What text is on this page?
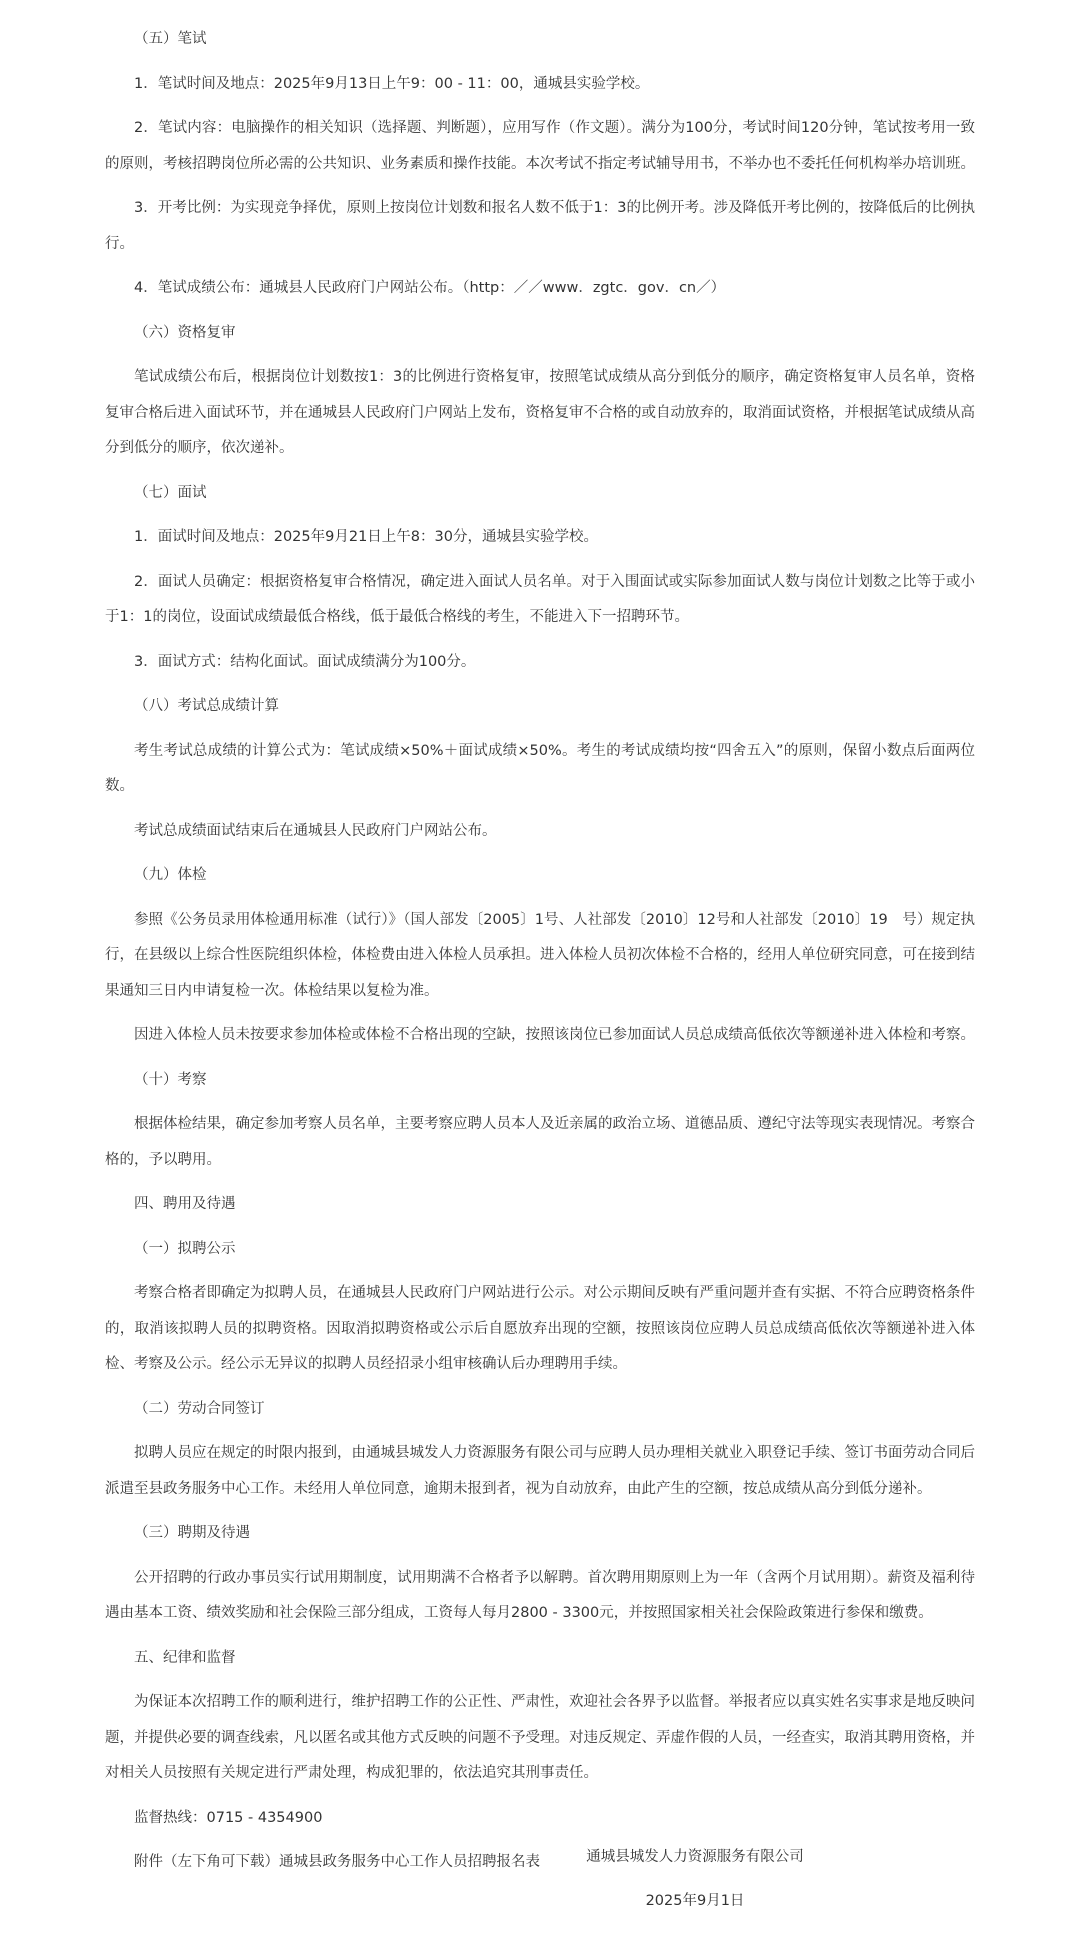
（五）笔试

1．笔试时间及地点：2025年9月13日上午9：00 - 11：00，通城县实验学校。

2．笔试内容：电脑操作的相关知识（选择题、判断题），应用写作（作文题）。满分为100分，考试时间120分钟，笔试按考用一致的原则，考核招聘岗位所必需的公共知识、业务素质和操作技能。本次考试不指定考试辅导用书，不举办也不委托任何机构举办培训班。

3．开考比例：为实现竞争择优，原则上按岗位计划数和报名人数不低于1：3的比例开考。涉及降低开考比例的，按降低后的比例执行。

4．笔试成绩公布：通城县人民政府门户网站公布。（http：／／www．zgtc．gov．cn／）

（六）资格复审

笔试成绩公布后，根据岗位计划数按1：3的比例进行资格复审，按照笔试成绩从高分到低分的顺序，确定资格复审人员名单，资格复审合格后进入面试环节，并在通城县人民政府门户网站上发布，资格复审不合格的或自动放弃的，取消面试资格，并根据笔试成绩从高分到低分的顺序，依次递补。

（七）面试

1．面试时间及地点：2025年9月21日上午8：30分，通城县实验学校。

2．面试人员确定：根据资格复审合格情况，确定进入面试人员名单。对于入围面试或实际参加面试人数与岗位计划数之比等于或小于1：1的岗位，设面试成绩最低合格线，低于最低合格线的考生，不能进入下一招聘环节。

3．面试方式：结构化面试。面试成绩满分为100分。

（八）考试总成绩计算

考生考试总成绩的计算公式为：笔试成绩×50%＋面试成绩×50%。考生的考试成绩均按“四舍五入”的原则，保留小数点后面两位数。

考试总成绩面试结束后在通城县人民政府门户网站公布。

（九）体检

参照《公务员录用体检通用标准（试行）》（国人部发〔2005〕1号、人社部发〔2010〕12号和人社部发〔2010〕19　号）规定执行，在县级以上综合性医院组织体检，体检费由进入体检人员承担。进入体检人员初次体检不合格的，经用人单位研究同意，可在接到结果通知三日内申请复检一次。体检结果以复检为准。

因进入体检人员未按要求参加体检或体检不合格出现的空缺，按照该岗位已参加面试人员总成绩高低依次等额递补进入体检和考察。

（十）考察

根据体检结果，确定参加考察人员名单，主要考察应聘人员本人及近亲属的政治立场、道德品质、遵纪守法等现实表现情况。考察合格的，予以聘用。

四、聘用及待遇

（一）拟聘公示

考察合格者即确定为拟聘人员，在通城县人民政府门户网站进行公示。对公示期间反映有严重问题并查有实据、不符合应聘资格条件的，取消该拟聘人员的拟聘资格。因取消拟聘资格或公示后自愿放弃出现的空额，按照该岗位应聘人员总成绩高低依次等额递补进入体检、考察及公示。经公示无异议的拟聘人员经招录小组审核确认后办理聘用手续。

（二）劳动合同签订

拟聘人员应在规定的时限内报到，由通城县城发人力资源服务有限公司与应聘人员办理相关就业入职登记手续、签订书面劳动合同后派遣至县政务服务中心工作。未经用人单位同意，逾期未报到者，视为自动放弃，由此产生的空额，按总成绩从高分到低分递补。

（三）聘期及待遇

公开招聘的行政办事员实行试用期制度，试用期满不合格者予以解聘。首次聘用期原则上为一年（含两个月试用期）。薪资及福利待遇由基本工资、绩效奖励和社会保险三部分组成，工资每人每月2800 - 3300元，并按照国家相关社会保险政策进行参保和缴费。

五、纪律和监督

为保证本次招聘工作的顺利进行，维护招聘工作的公正性、严肃性，欢迎社会各界予以监督。举报者应以真实姓名实事求是地反映问题，并提供必要的调查线索，凡以匿名或其他方式反映的问题不予受理。对违反规定、弄虚作假的人员，一经查实，取消其聘用资格，并对相关人员按照有关规定进行严肃处理，构成犯罪的，依法追究其刑事责任。

监督热线：0715 - 4354900

附件（左下角可下载）通城县政务服务中心工作人员招聘报名表	通城县城发人力资源服务有限公司

2025年9月1日
